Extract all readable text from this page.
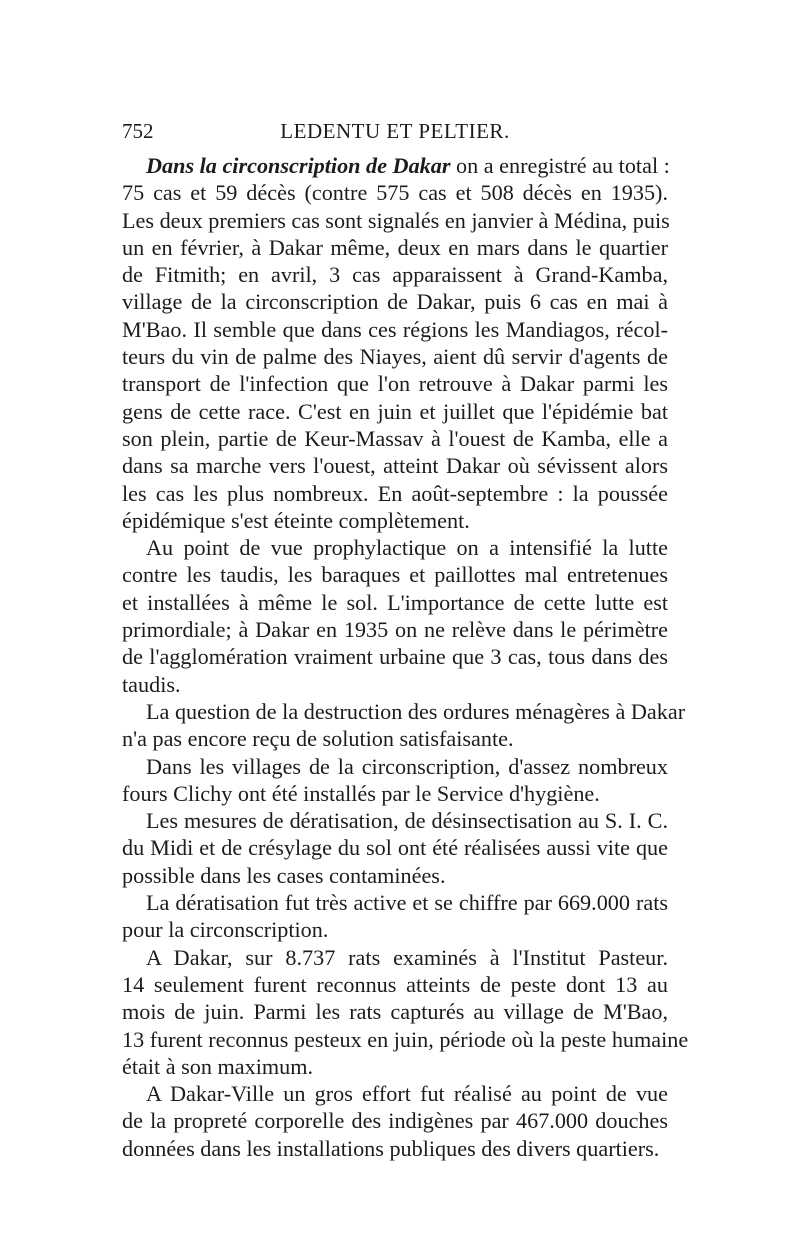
752	LEDENTU ET PELTIER.
Dans la circonscription de Dakar on a enregistré au total :
75 cas et 59 décès (contre 575 cas et 508 décès en 1935).
Les deux premiers cas sont signalés en janvier à Médina, puis
un en février, à Dakar même, deux en mars dans le quartier
de Fitmith; en avril, 3 cas apparaissent à Grand-Kamba,
village de la circonscription de Dakar, puis 6 cas en mai à
M'Bao. Il semble que dans ces régions les Mandiagos, récol-
teurs du vin de palme des Niayes, aient dû servir d'agents de
transport de l'infection que l'on retrouve à Dakar parmi les
gens de cette race. C'est en juin et juillet que l'épidémie bat
son plein, partie de Keur-Massav à l'ouest de Kamba, elle a
dans sa marche vers l'ouest, atteint Dakar où sévissent alors
les cas les plus nombreux. En août-septembre : la poussée
épidémique s'est éteinte complètement.
Au point de vue prophylactique on a intensifié la lutte
contre les taudis, les baraques et paillottes mal entretenues
et installées à même le sol. L'importance de cette lutte est
primordiale; à Dakar en 1935 on ne relève dans le périmètre
de l'agglomération vraiment urbaine que 3 cas, tous dans des
taudis.
La question de la destruction des ordures ménagères à Dakar
n'a pas encore reçu de solution satisfaisante.
Dans les villages de la circonscription, d'assez nombreux
fours Clichy ont été installés par le Service d'hygiène.
Les mesures de dératisation, de désinsectisation au S. I. C.
du Midi et de crésylage du sol ont été réalisées aussi vite que
possible dans les cases contaminées.
La dératisation fut très active et se chiffre par 669.000 rats
pour la circonscription.
A Dakar, sur 8.737 rats examinés à l'Institut Pasteur.
14 seulement furent reconnus atteints de peste dont 13 au
mois de juin. Parmi les rats capturés au village de M'Bao,
13 furent reconnus pesteux en juin, période où la peste humaine
était à son maximum.
A Dakar-Ville un gros effort fut réalisé au point de vue
de la propreté corporelle des indigènes par 467.000 douches
données dans les installations publiques des divers quartiers.
